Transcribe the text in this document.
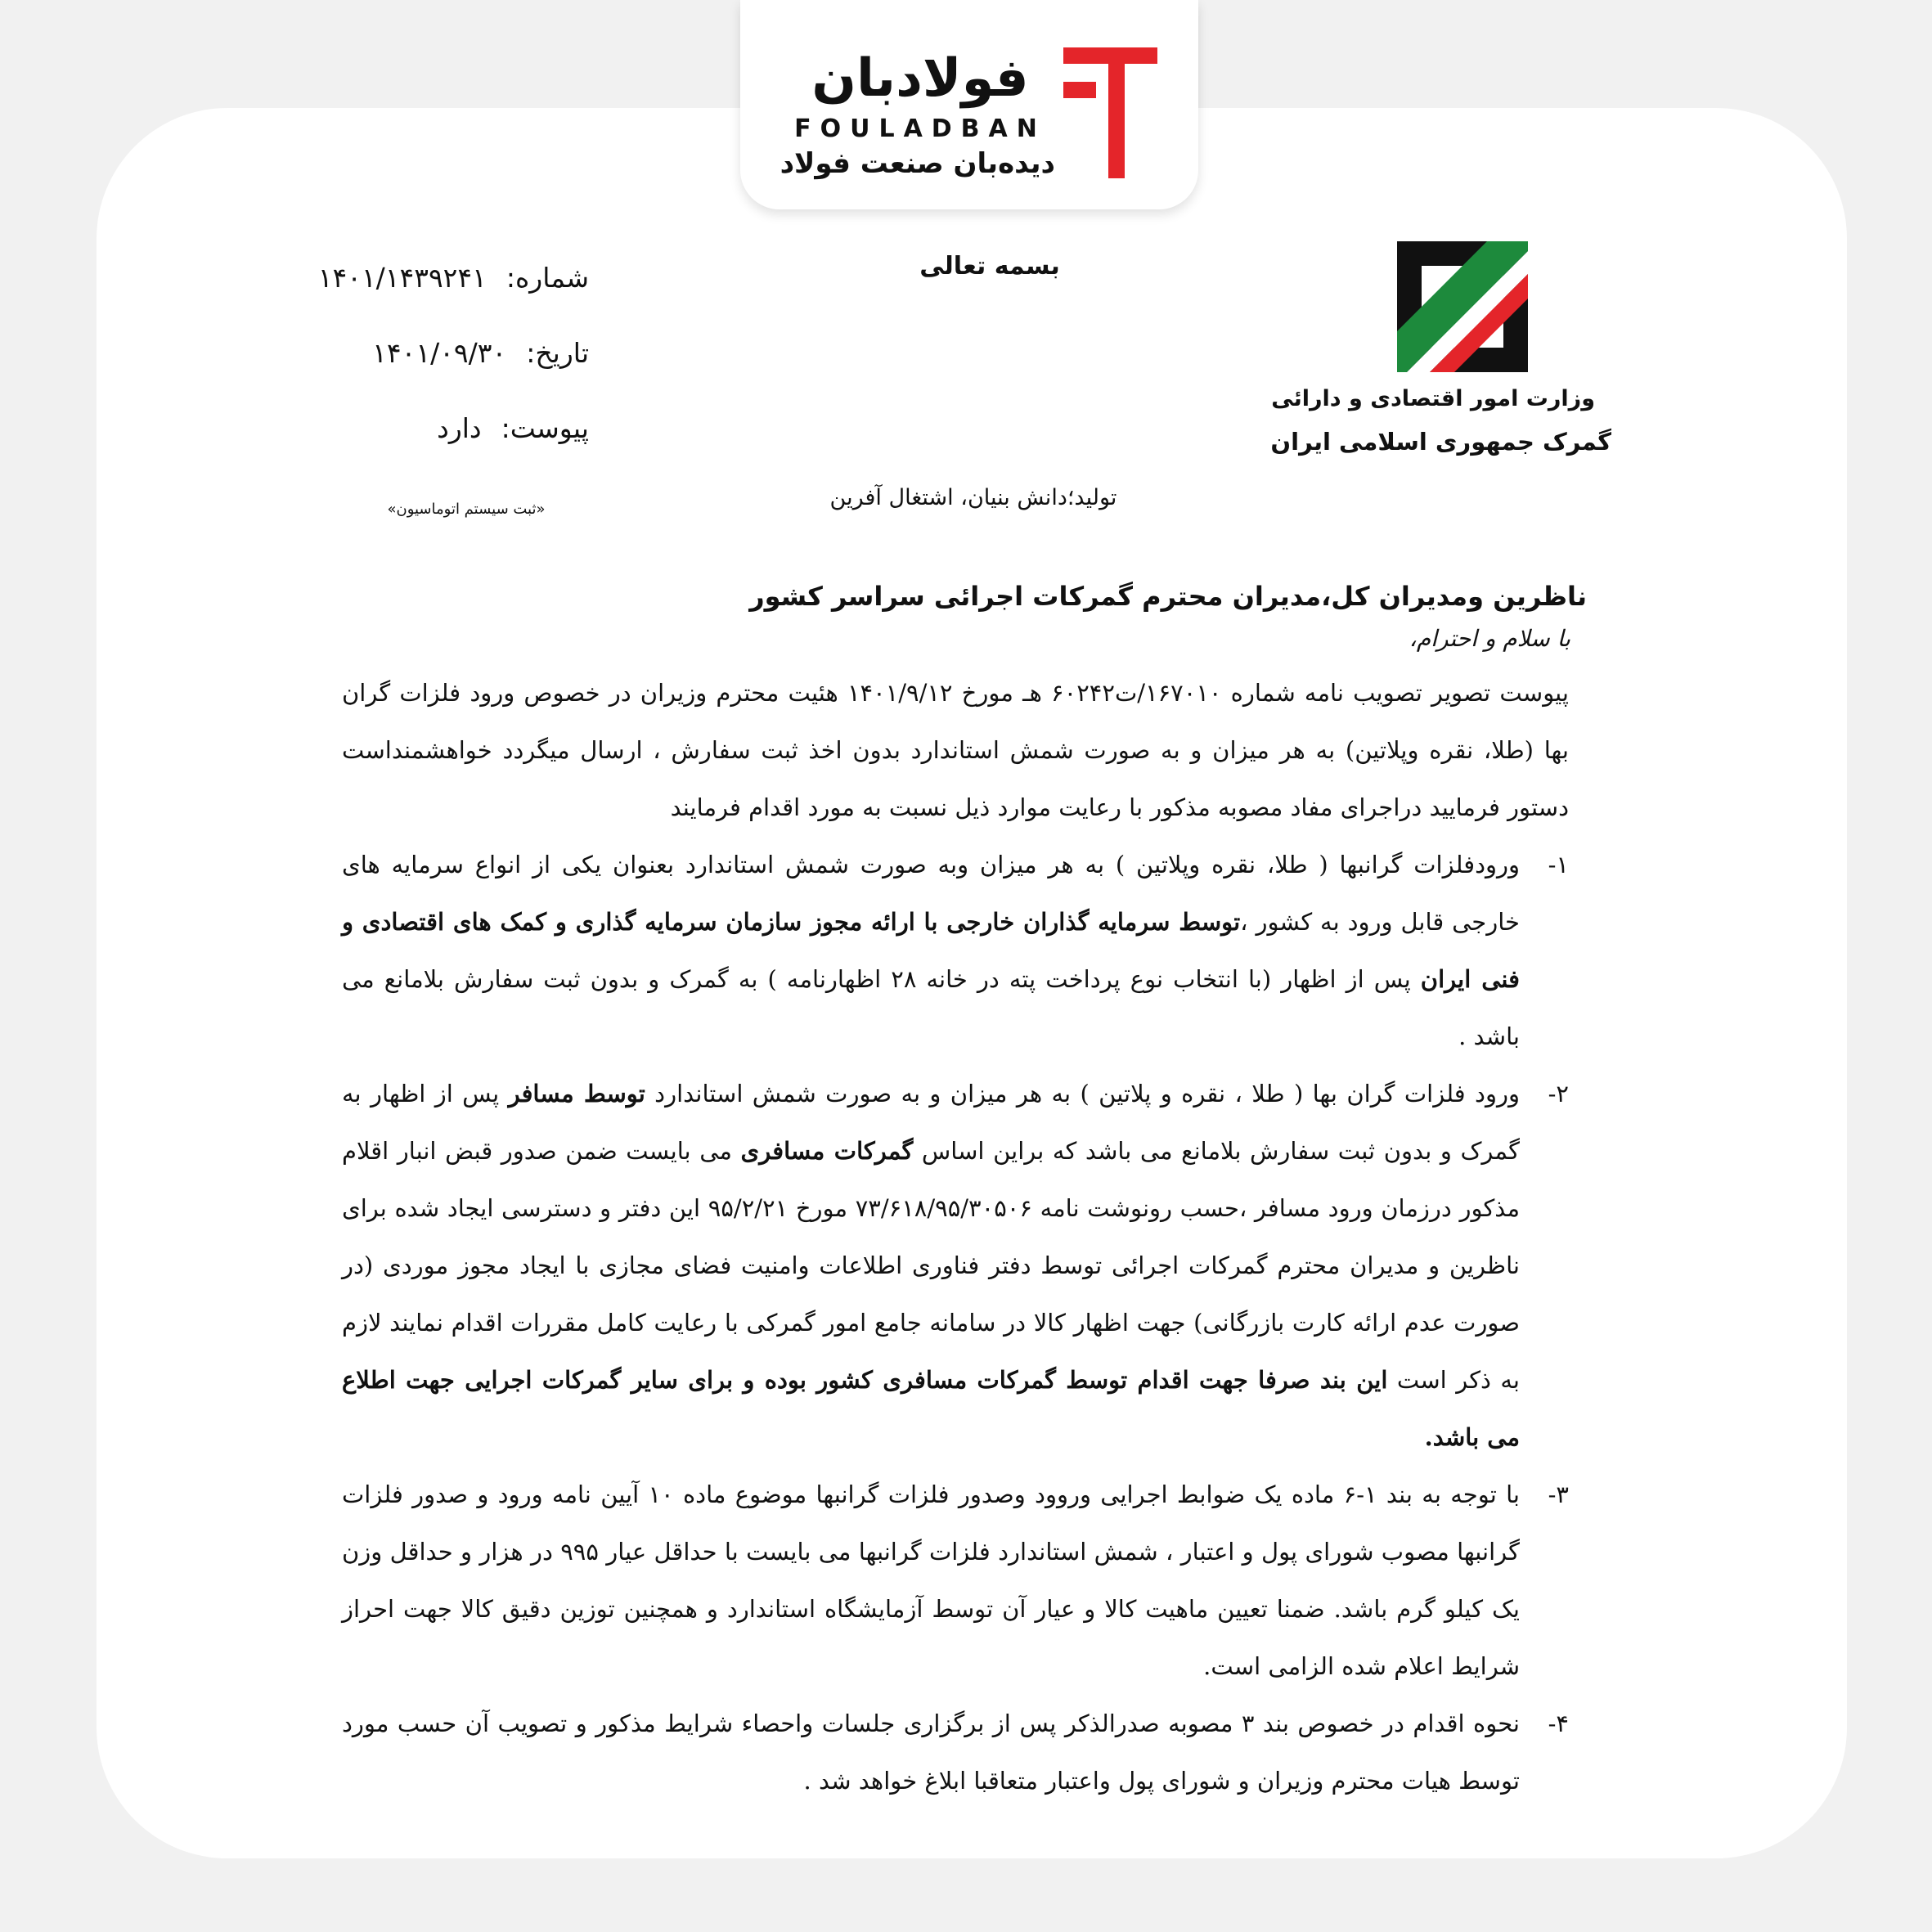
فولادبان
FOULADBAN
دیده‌بان صنعت فولاد
وزارت امور اقتصادی و دارائی
گمرک جمهوری اسلامی ایران
بسمه تعالی
تولید؛دانش بنیان، اشتغال آفرین
شماره:۱۴۰۱/۱۴۳۹۲۴۱
تاریخ:۱۴۰۱/۰۹/۳۰
پیوست:دارد
«ثبت سیستم اتوماسیون»
ناظرین ومدیران کل،مدیران محترم گمرکات اجرائی سراسر کشور
با سلام و احترام،

پیوست تصویر تصویب نامه شماره ۱۶۷۰۱۰/ت۶۰۲۴۲ هـ مورخ ۱۴۰۱/۹/۱۲ هئیت محترم وزیران در خصوص ورود فلزات گران بها (طلا، نقره وپلاتین) به هر میزان و به صورت شمش استاندارد بدون اخذ ثبت سفارش ، ارسال میگردد خواهشمنداست دستور فرمایید دراجرای مفاد مصوبه مذکور با رعایت موارد ذیل نسبت به مورد اقدام فرمایند

۱-
ورودفلزات گرانبها ( طلا، نقره وپلاتین ) به هر میزان وبه صورت شمش استاندارد بعنوان یکی از انواع سرمایه های خارجی قابل ورود به کشور ،توسط سرمایه گذاران خارجی با ارائه مجوز سازمان سرمایه گذاری و کمک های اقتصادی و فنی ایران پس از اظهار (با انتخاب نوع پرداخت پته در خانه ۲۸ اظهارنامه ) به گمرک و بدون ثبت سفارش بلامانع می باشد .
۲-
ورود فلزات گران بها ( طلا ، نقره و پلاتین ) به هر میزان و به صورت شمش استاندارد توسط مسافر پس از اظهار به گمرک و بدون ثبت سفارش بلامانع می باشد که براین اساس گمرکات مسافری می بایست ضمن صدور قبض انبار اقلام مذکور درزمان ورود مسافر ،حسب رونوشت نامه ۷۳/۶۱۸/۹۵/۳۰۵۰۶ مورخ ۹۵/۲/۲۱ این دفتر و دسترسی ایجاد شده برای ناظرین و مدیران محترم گمرکات اجرائی توسط دفتر فناوری اطلاعات وامنیت فضای مجازی با ایجاد مجوز موردی (در صورت عدم ارائه کارت بازرگانی) جهت اظهار کالا در سامانه جامع امور گمرکی با رعایت کامل مقررات اقدام نمایند لازم به ذکر است این بند صرفا جهت اقدام توسط گمرکات مسافری کشور بوده و برای سایر گمرکات اجرایی جهت اطلاع می باشد.
۳-
با توجه به بند ۱-۶ ماده یک ضوابط اجرایی وروود وصدور فلزات گرانبها موضوع ماده ۱۰ آیین نامه ورود و صدور فلزات گرانبها مصوب شورای پول و اعتبار ، شمش استاندارد فلزات گرانبها می بایست با حداقل عیار ۹۹۵ در هزار و حداقل وزن یک کیلو گرم باشد. ضمنا تعیین ماهیت کالا و عیار آن توسط آزمایشگاه استاندارد و همچنین توزین دقیق کالا جهت احراز شرایط اعلام شده الزامی است.
۴-
نحوه اقدام در خصوص بند ۳ مصوبه صدرالذکر پس از برگزاری جلسات واحصاء شرایط مذکور و تصویب آن حسب مورد توسط هیات محترم وزیران و شورای پول واعتبار متعاقبا ابلاغ خواهد شد .
